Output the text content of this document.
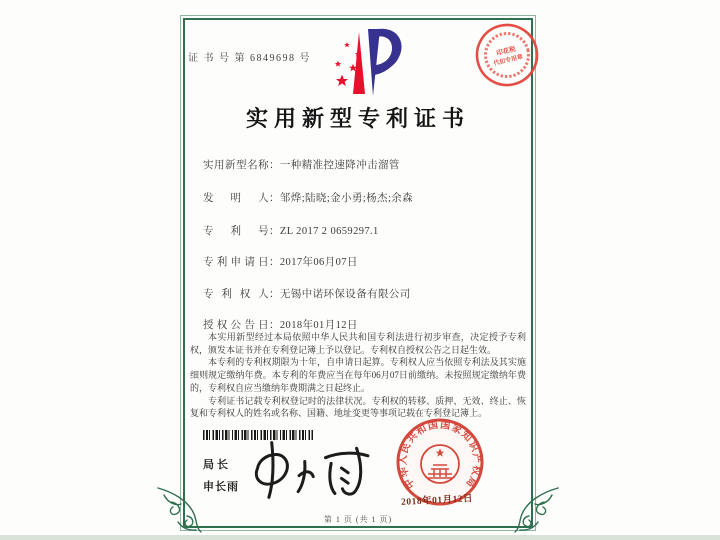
证 书 号 第 6849698 号
实用新型专利证书
实用新型名称：一种精准控速降冲击溜管
发明人：邹烨;陆晓;金小勇;杨杰;余森
专利号：ZL 2017 2 0659297.1
专利申请日：2017年06月07日
专利权人：无锡中诺环保设备有限公司
授权公告日：2018年01月12日

本实用新型经过本局依照中华人民共和国专利法进行初步审查，决定授予专利权，颁发本证书并在专利登记簿上予以登记。专利权自授权公告之日起生效。

本专利的专利权期限为十年，自申请日起算。专利权人应当依照专利法及其实施细则规定缴纳年费。本专利的年费应当在每年06月07日前缴纳。未按照规定缴纳年费的，专利权自应当缴纳年费期满之日起终止。

专利证书记载专利权登记时的法律状况。专利权的转移、质押、无效、终止、恢复和专利权人的姓名或名称、国籍、地址变更等事项记载在专利登记簿上。

局长
申长雨	中华人民共和国国家知识产权局
2018年01月12日
印花税
代扣专用章
第 1 页 (共 1 页)
